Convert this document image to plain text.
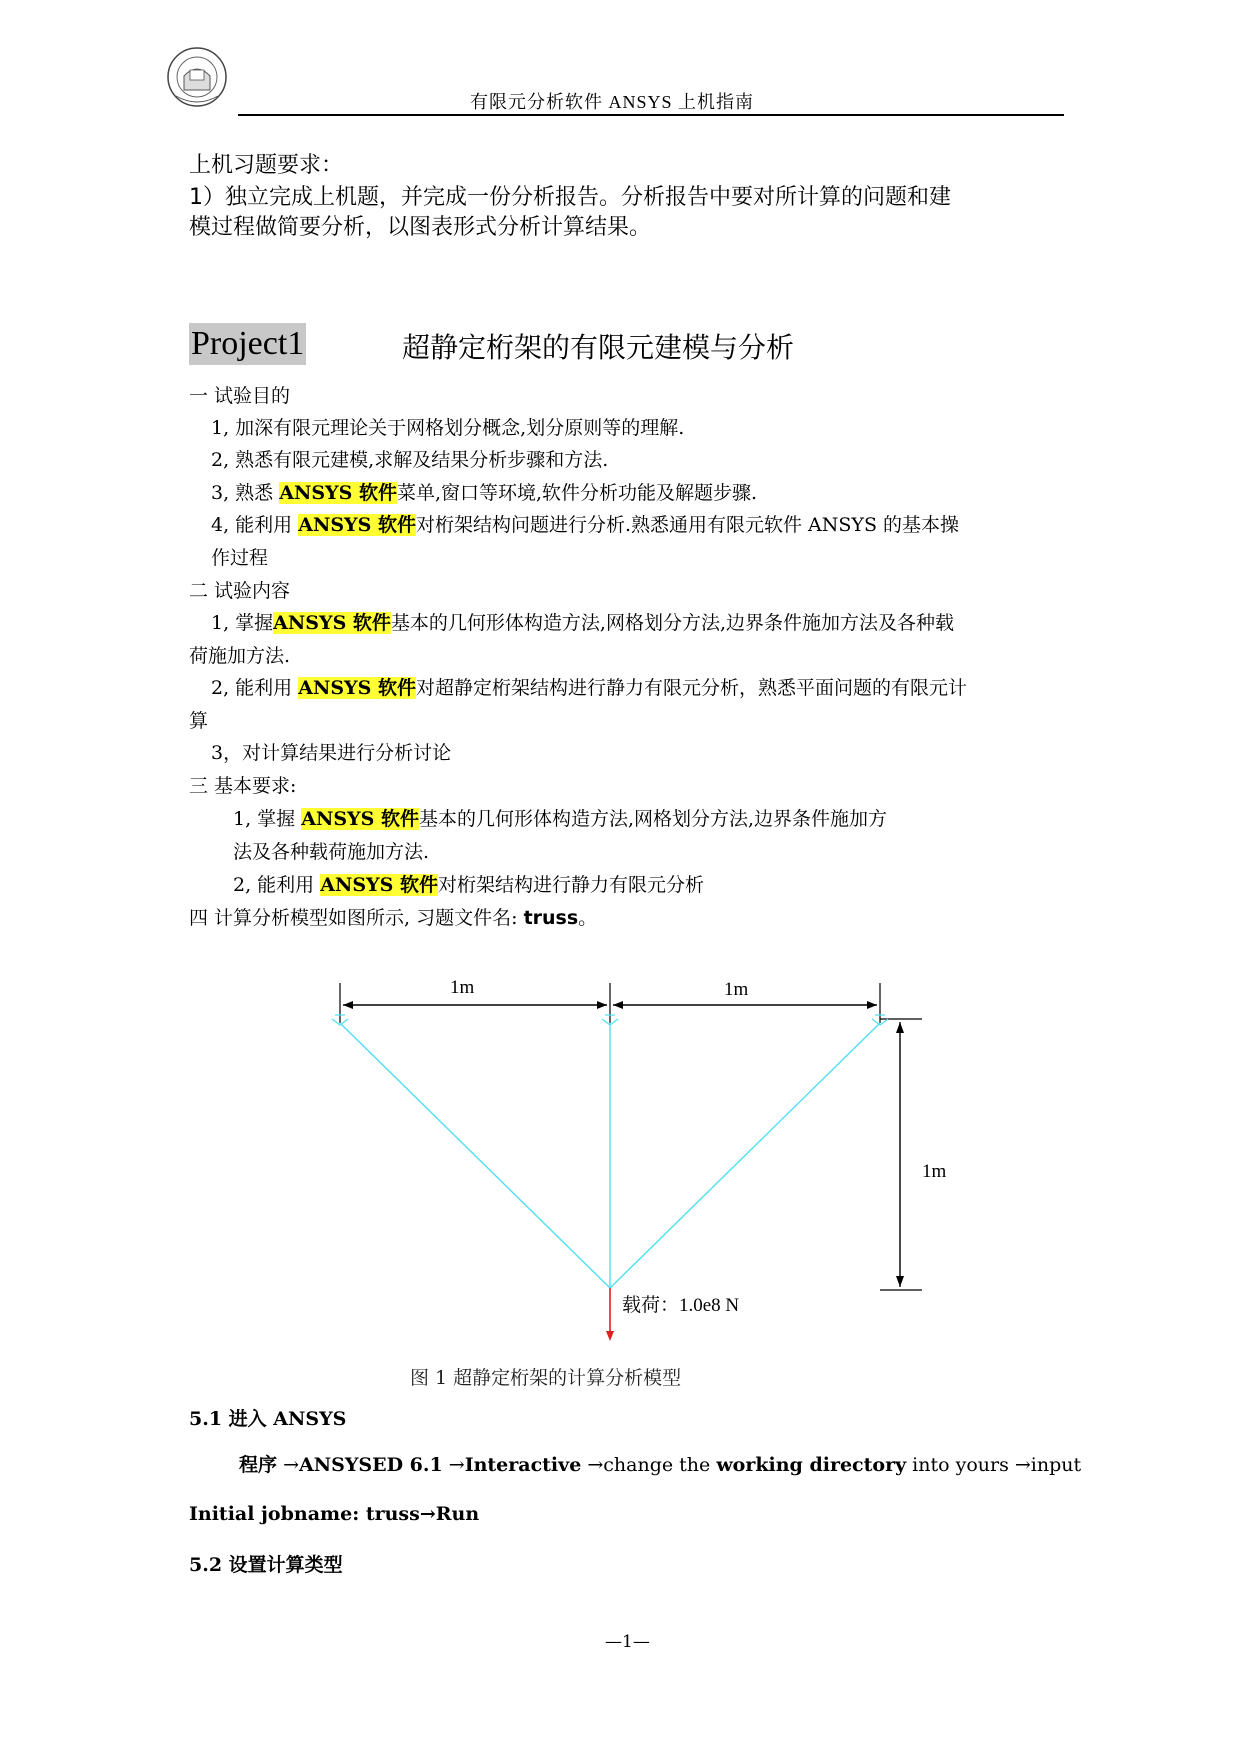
有限元分析软件 ANSYS 上机指南
上机习题要求：
1）独立完成上机题，并完成一份分析报告。分析报告中要对所计算的问题和建
模过程做简要分析，以图表形式分析计算结果。
Project1	超静定桁架的有限元建模与分析
一 试验目的
1, 加深有限元理论关于网格划分概念,划分原则等的理解.
2, 熟悉有限元建模,求解及结果分析步骤和方法.
3, 熟悉 ANSYS 软件菜单,窗口等环境,软件分析功能及解题步骤.
4, 能利用 ANSYS 软件对桁架结构问题进行分析.熟悉通用有限元软件 ANSYS 的基本操
作过程
二 试验内容
1, 掌握ANSYS 软件基本的几何形体构造方法,网格划分方法,边界条件施加方法及各种载
荷施加方法.
2, 能利用 ANSYS 软件对超静定桁架结构进行静力有限元分析，熟悉平面问题的有限元计
算
3，对计算结果进行分析讨论
三 基本要求:
1, 掌握 ANSYS 软件基本的几何形体构造方法,网格划分方法,边界条件施加方
法及各种载荷施加方法.
2, 能利用 ANSYS 软件对桁架结构进行静力有限元分析
四 计算分析模型如图所示, 习题文件名: truss。
1m	1m
1m
载荷：1.0e8 N
图 1 超静定桁架的计算分析模型
5.1 进入 ANSYS
程序 →ANSYSED 6.1 →Interactive →change the working directory into yours →input
Initial jobname: truss→Run
5.2 设置计算类型
—1—
